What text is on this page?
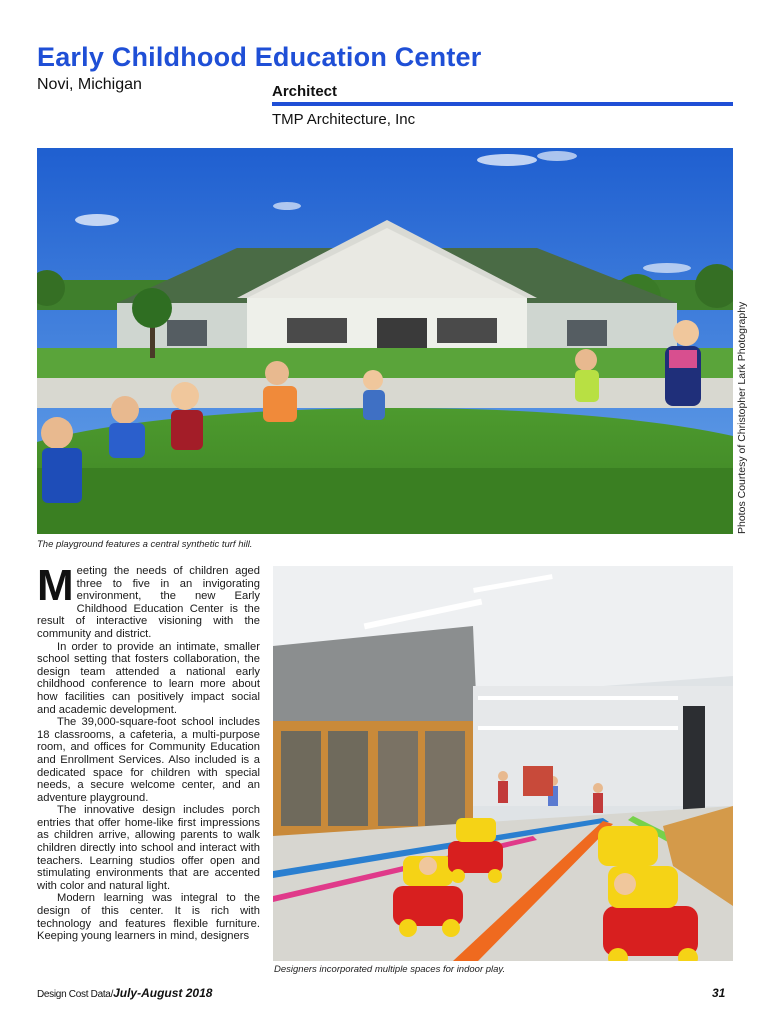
Early Childhood Education Center
Novi, Michigan	Architect
TMP Architecture, Inc
Photos Courtesy of Christopher Lark Photography
The playground features a central synthetic turf hill.

Meeting the needs of children aged three to five in an invigorating environment, the new Early Childhood Education Center is the result of interactive visioning with the community and district.

In order to provide an intimate, smaller school setting that fosters collaboration, the design team attended a national early childhood conference to learn more about how facilities can positively impact social and academic development.

The 39,000-square-foot school includes 18 classrooms, a cafeteria, a multi-purpose room, and offices for Community Education and Enrollment Services. Also included is a dedicated space for children with special needs, a secure welcome center, and an adventure playground.

The innovative design includes porch entries that offer home-like first impressions as children arrive, allowing parents to walk children directly into school and interact with teachers. Learning studios offer open and stimulating environments that are accented with color and natural light.

Modern learning was integral to the design of this center. It is rich with technology and features flexible furniture. Keeping young learners in mind, designers

Designers incorporated multiple spaces for indoor play.
Design Cost Data/July-August 2018	31
